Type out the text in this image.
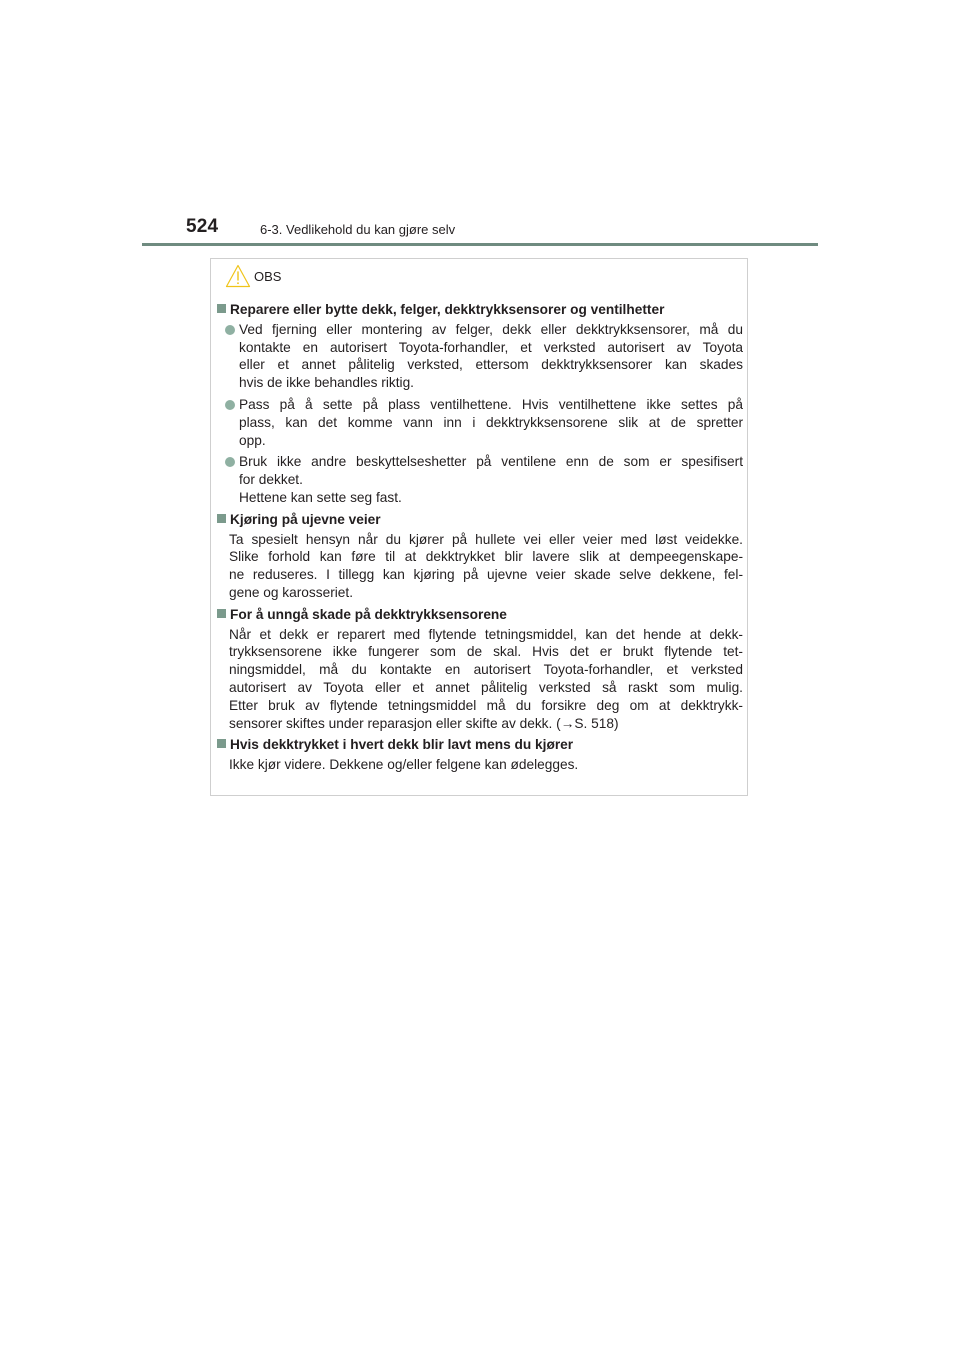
524	6-3. Vedlikehold du kan gjøre selv
OBS
Reparere eller bytte dekk, felger, dekktrykksensorer og ventilhetter
Ved fjerning eller montering av felger, dekk eller dekktrykksensorer, må du
kontakte en autorisert Toyota-forhandler, et verksted autorisert av Toyota
eller et annet pålitelig verksted, ettersom dekktrykksensorer kan skades
hvis de ikke behandles riktig.
Pass på å sette på plass ventilhettene. Hvis ventilhettene ikke settes på
plass, kan det komme vann inn i dekktrykksensorene slik at de spretter
opp.
Bruk ikke andre beskyttelseshetter på ventilene enn de som er spesifisert
for dekket.
Hettene kan sette seg fast.
Kjøring på ujevne veier
Ta spesielt hensyn når du kjører på hullete vei eller veier med løst veidekke.
Slike forhold kan føre til at dekktrykket blir lavere slik at dempeegenskape-
ne reduseres. I tillegg kan kjøring på ujevne veier skade selve dekkene, fel-
gene og karosseriet.
For å unngå skade på dekktrykksensorene
Når et dekk er reparert med flytende tetningsmiddel, kan det hende at dekk-
trykksensorene ikke fungerer som de skal. Hvis det er brukt flytende tet-
ningsmiddel, må du kontakte en autorisert Toyota-forhandler, et verksted
autorisert av Toyota eller et annet pålitelig verksted så raskt som mulig.
Etter bruk av flytende tetningsmiddel må du forsikre deg om at dekktrykk-
sensorer skiftes under reparasjon eller skifte av dekk. (→S. 518)
Hvis dekktrykket i hvert dekk blir lavt mens du kjører
Ikke kjør videre. Dekkene og/eller felgene kan ødelegges.
